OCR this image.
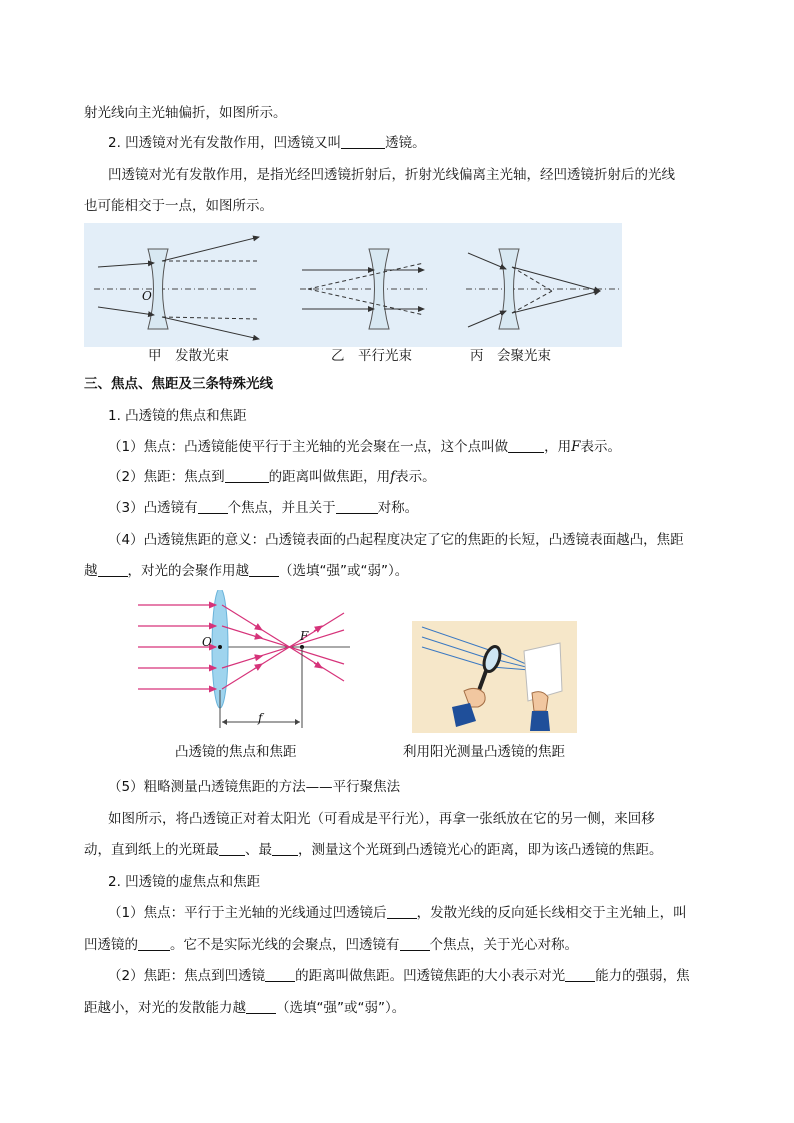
射光线向主光轴偏折，如图所示。
2. 凹透镜对光有发散作用，凹透镜又叫	透镜。
凹透镜对光有发散作用，是指光经凹透镜折射后，折射光线偏离主光轴，经凹透镜折射后的光线
也可能相交于一点，如图所示。
O
甲　发散光束	乙　平行光束	丙　会聚光束
三、焦点、焦距及三条特殊光线
1. 凸透镜的焦点和焦距
（1）焦点：凸透镜能使平行于主光轴的光会聚在一点，这个点叫做	，用F表示。
（2）焦距：焦点到	的距离叫做焦距，用f表示。
（3）凸透镜有 个焦点，并且关于	对称。
（4）凸透镜焦距的意义：凸透镜表面的凸起程度决定了它的焦距的长短，凸透镜表面越凸，焦距
越 ，对光的会聚作用越 （选填“强”或“弱”）。
O	F
f
凸透镜的焦点和焦距	利用阳光测量凸透镜的焦距
（5）粗略测量凸透镜焦距的方法——平行聚焦法
如图所示，将凸透镜正对着太阳光（可看成是平行光），再拿一张纸放在它的另一侧，来回移
动，直到纸上的光斑最 、最 ，测量这个光斑到凸透镜光心的距离，即为该凸透镜的焦距。
2. 凹透镜的虚焦点和焦距
（1）焦点：平行于主光轴的光线通过凹透镜后 ，发散光线的反向延长线相交于主光轴上，叫
凹透镜的 。它不是实际光线的会聚点，凹透镜有 个焦点，关于光心对称。
（2）焦距：焦点到凹透镜 的距离叫做焦距。凹透镜焦距的大小表示对光 能力的强弱，焦
距越小，对光的发散能力越 （选填“强”或“弱”）。
